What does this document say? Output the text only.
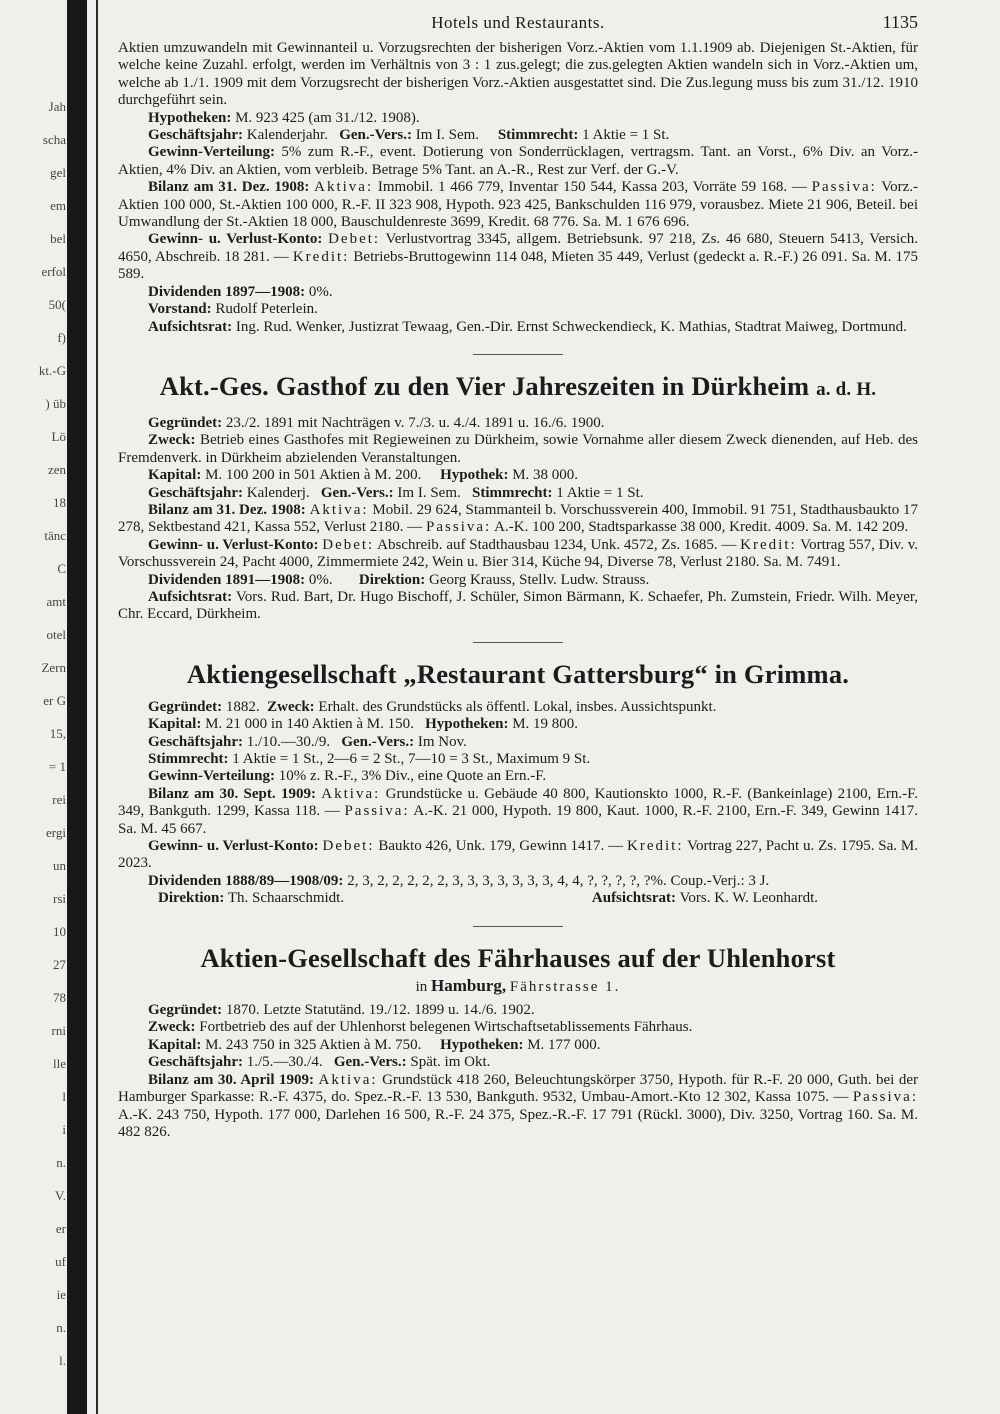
Jah
scha
gel
em
bel
erfol
50(
f)
kt.-G
) üb
Lö
zen
18
tänc
C
amt
otel
Zern
er G
15,
= 1
rei
ergi
un
rsi
10
27
78
rni
lle
l
i
n.
V.
er
uf
ie
n.
l.
Hotels und Restaurants.	1135

Aktien umzuwandeln mit Gewinnanteil u. Vorzugsrechten der bisherigen Vorz.-Aktien vom 1.1.1909 ab. Diejenigen St.-Aktien, für welche keine Zuzahl. erfolgt, werden im Verhältnis von 3 : 1 zus.gelegt; die zus.gelegten Aktien wandeln sich in Vorz.-Aktien um, welche ab 1./1. 1909 mit dem Vorzugsrecht der bisherigen Vorz.-Aktien ausgestattet sind. Die Zus.legung muss bis zum 31./12. 1910 durchgeführt sein.

Hypotheken: M. 923 425 (am 31./12. 1908).

Geschäftsjahr: Kalenderjahr. Gen.-Vers.: Im I. Sem. Stimmrecht: 1 Aktie = 1 St.

Gewinn-Verteilung: 5% zum R.-F., event. Dotierung von Sonderrücklagen, vertragsm. Tant. an Vorst., 6% Div. an Vorz.-Aktien, 4% Div. an Aktien, vom verbleib. Betrage 5% Tant. an A.-R., Rest zur Verf. der G.-V.

Bilanz am 31. Dez. 1908: Aktiva: Immobil. 1 466 779, Inventar 150 544, Kassa 203, Vorräte 59 168. — Passiva: Vorz.-Aktien 100 000, St.-Aktien 100 000, R.-F. II 323 908, Hypoth. 923 425, Bankschulden 116 979, vorausbez. Miete 21 906, Beteil. bei Umwandlung der St.-Aktien 18 000, Bauschuldenreste 3699, Kredit. 68 776. Sa. M. 1 676 696.

Gewinn- u. Verlust-Konto: Debet: Verlustvortrag 3345, allgem. Betriebsunk. 97 218, Zs. 46 680, Steuern 5413, Versich. 4650, Abschreib. 18 281. — Kredit: Betriebs-Bruttogewinn 114 048, Mieten 35 449, Verlust (gedeckt a. R.-F.) 26 091. Sa. M. 175 589.

Dividenden 1897—1908: 0%.

Vorstand: Rudolf Peterlein.

Aufsichtsrat: Ing. Rud. Wenker, Justizrat Tewaag, Gen.-Dir. Ernst Schweckendieck, K. Mathias, Stadtrat Maiweg, Dortmund.

Akt.-Ges. Gasthof zu den Vier Jahreszeiten in Dürkheim a. d. H.

Gegründet: 23./2. 1891 mit Nachträgen v. 7./3. u. 4./4. 1891 u. 16./6. 1900.

Zweck: Betrieb eines Gasthofes mit Regieweinen zu Dürkheim, sowie Vornahme aller diesem Zweck dienenden, auf Heb. des Fremdenverk. in Dürkheim abzielenden Veranstaltungen.

Kapital: M. 100 200 in 501 Aktien à M. 200. Hypothek: M. 38 000.

Geschäftsjahr: Kalenderj. Gen.-Vers.: Im I. Sem. Stimmrecht: 1 Aktie = 1 St.

Bilanz am 31. Dez. 1908: Aktiva: Mobil. 29 624, Stammanteil b. Vorschussverein 400, Immobil. 91 751, Stadthausbaukto 17 278, Sektbestand 421, Kassa 552, Verlust 2180. — Passiva: A.-K. 100 200, Stadtsparkasse 38 000, Kredit. 4009. Sa. M. 142 209.

Gewinn- u. Verlust-Konto: Debet: Abschreib. auf Stadthausbau 1234, Unk. 4572, Zs. 1685. — Kredit: Vortrag 557, Div. v. Vorschussverein 24, Pacht 4000, Zimmermiete 242, Wein u. Bier 314, Küche 94, Diverse 78, Verlust 2180. Sa. M. 7491.

Dividenden 1891—1908: 0%. Direktion: Georg Krauss, Stellv. Ludw. Strauss.

Aufsichtsrat: Vors. Rud. Bart, Dr. Hugo Bischoff, J. Schüler, Simon Bärmann, K. Schaefer, Ph. Zumstein, Friedr. Wilh. Meyer, Chr. Eccard, Dürkheim.

Aktiengesellschaft „Restaurant Gattersburg“ in Grimma.

Gegründet: 1882. Zweck: Erhalt. des Grundstücks als öffentl. Lokal, insbes. Aussichtspunkt.

Kapital: M. 21 000 in 140 Aktien à M. 150. Hypotheken: M. 19 800.

Geschäftsjahr: 1./10.—30./9. Gen.-Vers.: Im Nov.

Stimmrecht: 1 Aktie = 1 St., 2—6 = 2 St., 7—10 = 3 St., Maximum 9 St.

Gewinn-Verteilung: 10% z. R.-F., 3% Div., eine Quote an Ern.-F.

Bilanz am 30. Sept. 1909: Aktiva: Grundstücke u. Gebäude 40 800, Kautionskto 1000, R.-F. (Bankeinlage) 2100, Ern.-F. 349, Bankguth. 1299, Kassa 118. — Passiva: A.-K. 21 000, Hypoth. 19 800, Kaut. 1000, R.-F. 2100, Ern.-F. 349, Gewinn 1417. Sa. M. 45 667.

Gewinn- u. Verlust-Konto: Debet: Baukto 426, Unk. 179, Gewinn 1417. — Kredit: Vortrag 227, Pacht u. Zs. 1795. Sa. M. 2023.

Dividenden 1888/89—1908/09: 2, 3, 2, 2, 2, 2, 2, 3, 3, 3, 3, 3, 3, 3, 4, 4, ?, ?, ?, ?, ?%. Coup.-Verj.: 3 J.

Direktion: Th. Schaarschmidt.	Aufsichtsrat: Vors. K. W. Leonhardt.
Aktien-Gesellschaft des Fährhauses auf der Uhlenhorst
in Hamburg, Fährstrasse 1.

Gegründet: 1870. Letzte Statutänd. 19./12. 1899 u. 14./6. 1902.

Zweck: Fortbetrieb des auf der Uhlenhorst belegenen Wirtschaftsetablissements Fährhaus.

Kapital: M. 243 750 in 325 Aktien à M. 750. Hypotheken: M. 177 000.

Geschäftsjahr: 1./5.—30./4. Gen.-Vers.: Spät. im Okt.

Bilanz am 30. April 1909: Aktiva: Grundstück 418 260, Beleuchtungskörper 3750, Hypoth. für R.-F. 20 000, Guth. bei der Hamburger Sparkasse: R.-F. 4375, do. Spez.-R.-F. 13 530, Bankguth. 9532, Umbau-Amort.-Kto 12 302, Kassa 1075. — Passiva: A.-K. 243 750, Hypoth. 177 000, Darlehen 16 500, R.-F. 24 375, Spez.-R.-F. 17 791 (Rückl. 3000), Div. 3250, Vortrag 160. Sa. M. 482 826.
